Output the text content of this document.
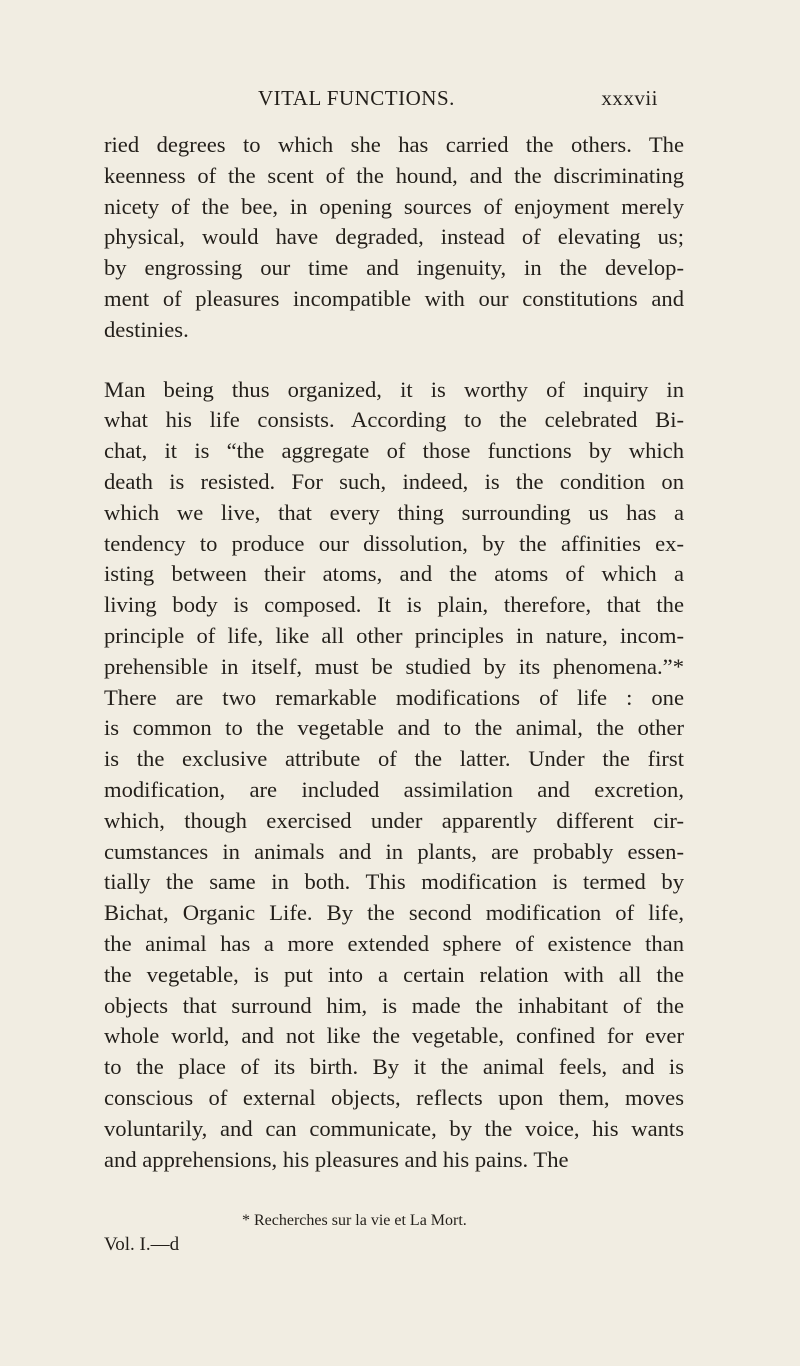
VITAL FUNCTIONS.	xxxvii
ried degrees to which she has carried the others. The
keenness of the scent of the hound, and the discriminating
nicety of the bee, in opening sources of enjoyment merely
physical, would have degraded, instead of elevating us;
by engrossing our time and ingenuity, in the develop-
ment of pleasures incompatible with our constitutions and
destinies.
Man being thus organized, it is worthy of inquiry in
what his life consists. According to the celebrated Bi-
chat, it is “the aggregate of those functions by which
death is resisted. For such, indeed, is the condition on
which we live, that every thing surrounding us has a
tendency to produce our dissolution, by the affinities ex-
isting between their atoms, and the atoms of which a
living body is composed. It is plain, therefore, that the
principle of life, like all other principles in nature, incom-
prehensible in itself, must be studied by its phenomena.”*
There are two remarkable modifications of life : one
is common to the vegetable and to the animal, the other
is the exclusive attribute of the latter. Under the first
modification, are included assimilation and excretion,
which, though exercised under apparently different cir-
cumstances in animals and in plants, are probably essen-
tially the same in both. This modification is termed by
Bichat, Organic Life. By the second modification of life,
the animal has a more extended sphere of existence than
the vegetable, is put into a certain relation with all the
objects that surround him, is made the inhabitant of the
whole world, and not like the vegetable, confined for ever
to the place of its birth. By it the animal feels, and is
conscious of external objects, reflects upon them, moves
voluntarily, and can communicate, by the voice, his wants
and apprehensions, his pleasures and his pains. The
* Recherches sur la vie et La Mort.
Vol. I.—d
